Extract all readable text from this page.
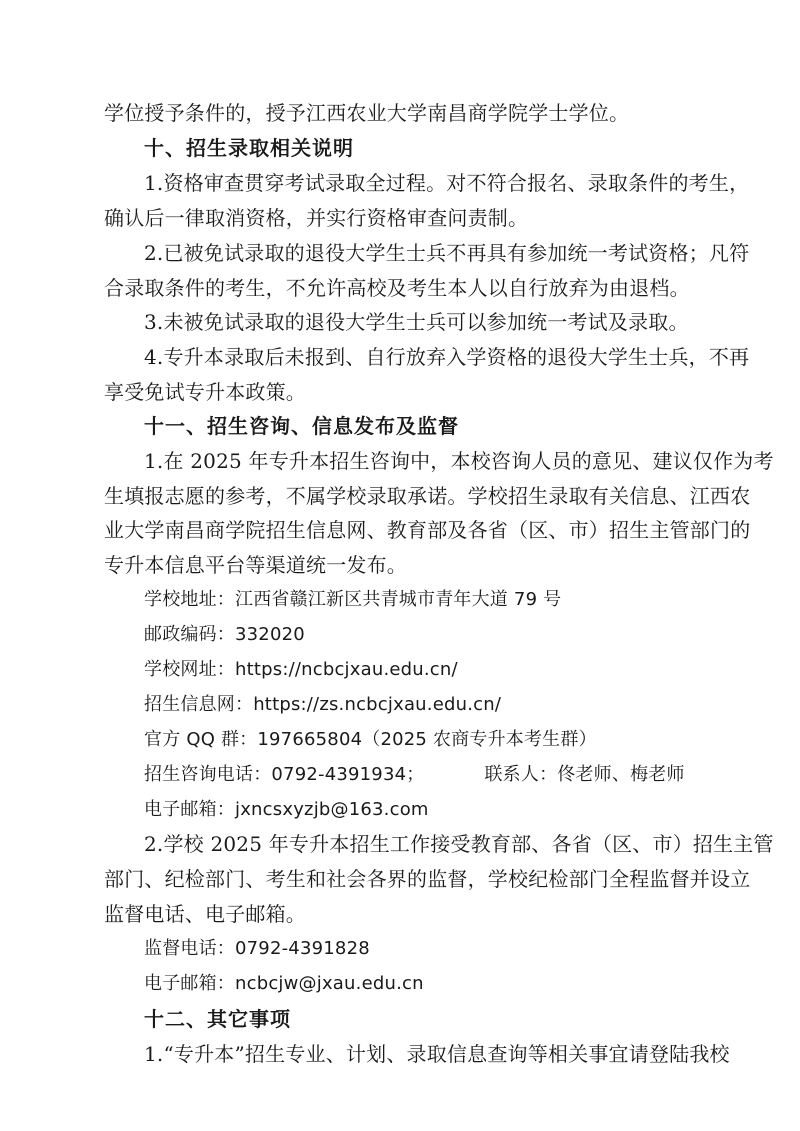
学位授予条件的，授予江西农业大学南昌商学院学士学位。
十、招生录取相关说明
1.资格审查贯穿考试录取全过程。对不符合报名、录取条件的考生，
确认后一律取消资格，并实行资格审查问责制。
2.已被免试录取的退役大学生士兵不再具有参加统一考试资格；凡符
合录取条件的考生，不允许高校及考生本人以自行放弃为由退档。
3.未被免试录取的退役大学生士兵可以参加统一考试及录取。
4.专升本录取后未报到、自行放弃入学资格的退役大学生士兵，不再
享受免试专升本政策。
十一、招生咨询、信息发布及监督
1.在 2025 年专升本招生咨询中，本校咨询人员的意见、建议仅作为考
生填报志愿的参考，不属学校录取承诺。学校招生录取有关信息、江西农
业大学南昌商学院招生信息网、教育部及各省（区、市）招生主管部门的
专升本信息平台等渠道统一发布。
学校地址：江西省赣江新区共青城市青年大道 79 号
邮政编码：332020
学校网址：https://ncbcjxau.edu.cn/
招生信息网：https://zs.ncbcjxau.edu.cn/
官方 QQ 群：197665804（2025 农商专升本考生群）
招生咨询电话：0792-4391934；	联系人：佟老师、梅老师
电子邮箱：jxncsxyzjb@163.com
2.学校 2025 年专升本招生工作接受教育部、各省（区、市）招生主管
部门、纪检部门、考生和社会各界的监督，学校纪检部门全程监督并设立
监督电话、电子邮箱。
监督电话：0792-4391828
电子邮箱：ncbcjw@jxau.edu.cn
十二、其它事项
1.“专升本”招生专业、计划、录取信息查询等相关事宜请登陆我校
